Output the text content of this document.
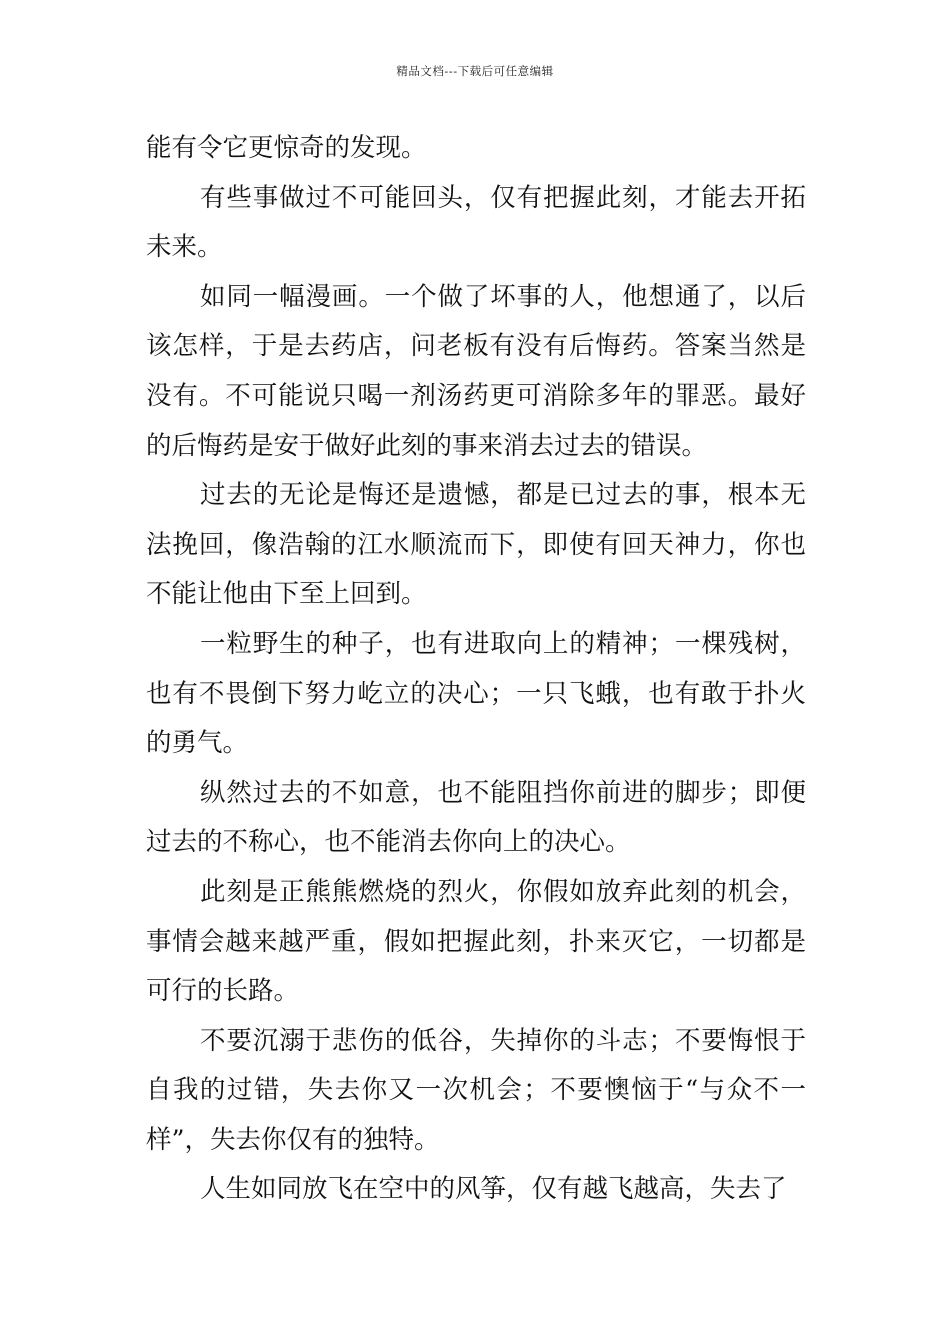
精品文档---下载后可任意编辑

能有令它更惊奇的发现。

有些事做过不可能回头，仅有把握此刻，才能去开拓未来。

如同一幅漫画。一个做了坏事的人，他想通了，以后该怎样，于是去药店，问老板有没有后悔药。答案当然是没有。不可能说只喝一剂汤药更可消除多年的罪恶。最好的后悔药是安于做好此刻的事来消去过去的错误。

过去的无论是悔还是遗憾，都是已过去的事，根本无法挽回，像浩翰的江水顺流而下，即使有回天神力，你也不能让他由下至上回到。

一粒野生的种子，也有进取向上的精神；一棵残树，也有不畏倒下努力屹立的决心；一只飞蛾，也有敢于扑火的勇气。

纵然过去的不如意，也不能阻挡你前进的脚步；即便过去的不称心，也不能消去你向上的决心。

此刻是正熊熊燃烧的烈火，你假如放弃此刻的机会，事情会越来越严重，假如把握此刻，扑来灭它，一切都是可行的长路。

不要沉溺于悲伤的低谷，失掉你的斗志；不要悔恨于自我的过错，失去你又一次机会；不要懊恼于“与众不一样”，失去你仅有的独特。

人生如同放飞在空中的风筝，仅有越飞越高，失去了
